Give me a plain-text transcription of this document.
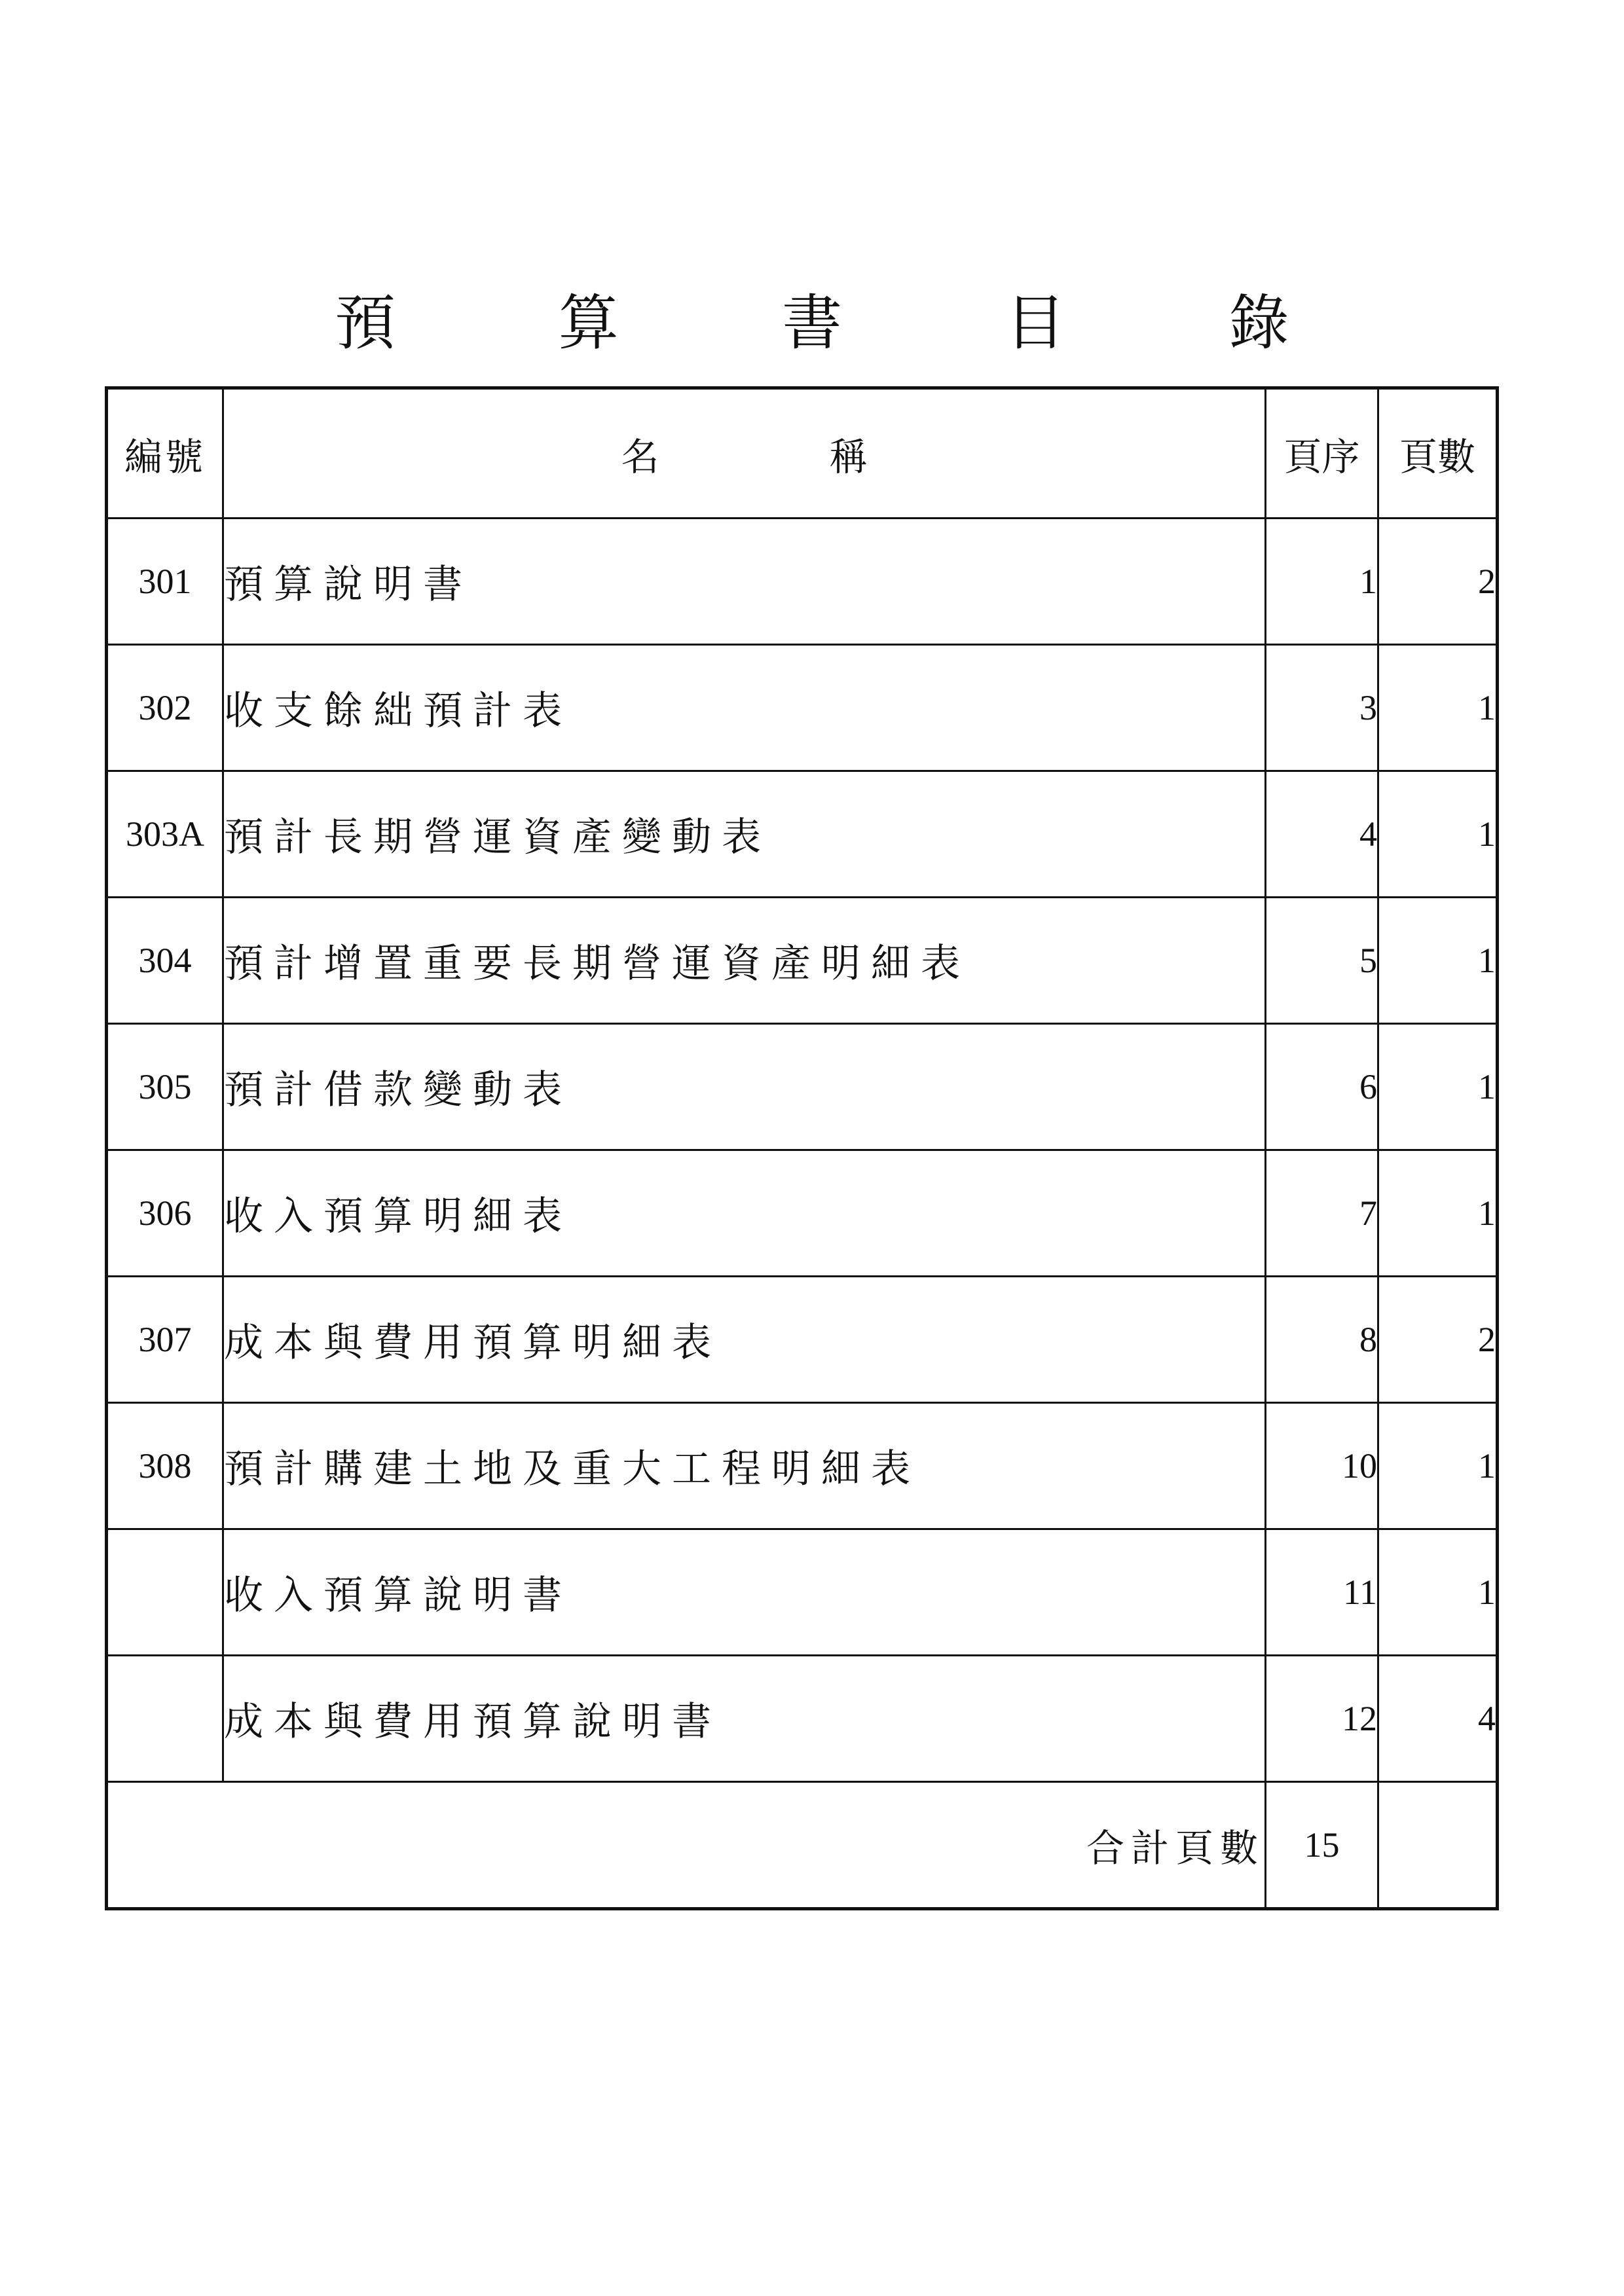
預 算 書 目 錄
編號	名 稱	頁序	頁數
301	預算說明書	1	2
302	收支餘絀預計表	3	1
303A	預計長期營運資產變動表	4	1
304	預計增置重要長期營運資產明細表	5	1
305	預計借款變動表	6	1
306	收入預算明細表	7	1
307	成本與費用預算明細表	8	2
308	預計購建土地及重大工程明細表	10	1
	收入預算說明書	11	1
	成本與費用預算說明書	12	4
合計頁數		15	
